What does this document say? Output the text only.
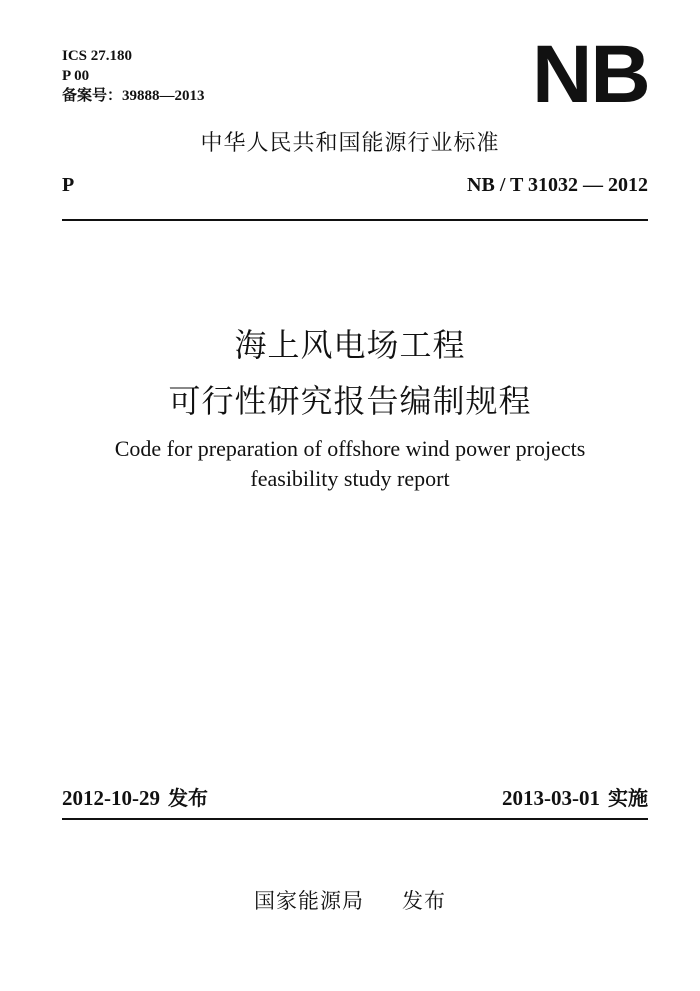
ICS 27.180
P 00
备案号：39888—2013	NB
中华人民共和国能源行业标准
P	NB / T 31032 — 2012
海上风电场工程
可行性研究报告编制规程
Code for preparation of offshore wind power projects
feasibility study report
2012-10-29 发布	2013-03-01 实施
国家能源局 发布
